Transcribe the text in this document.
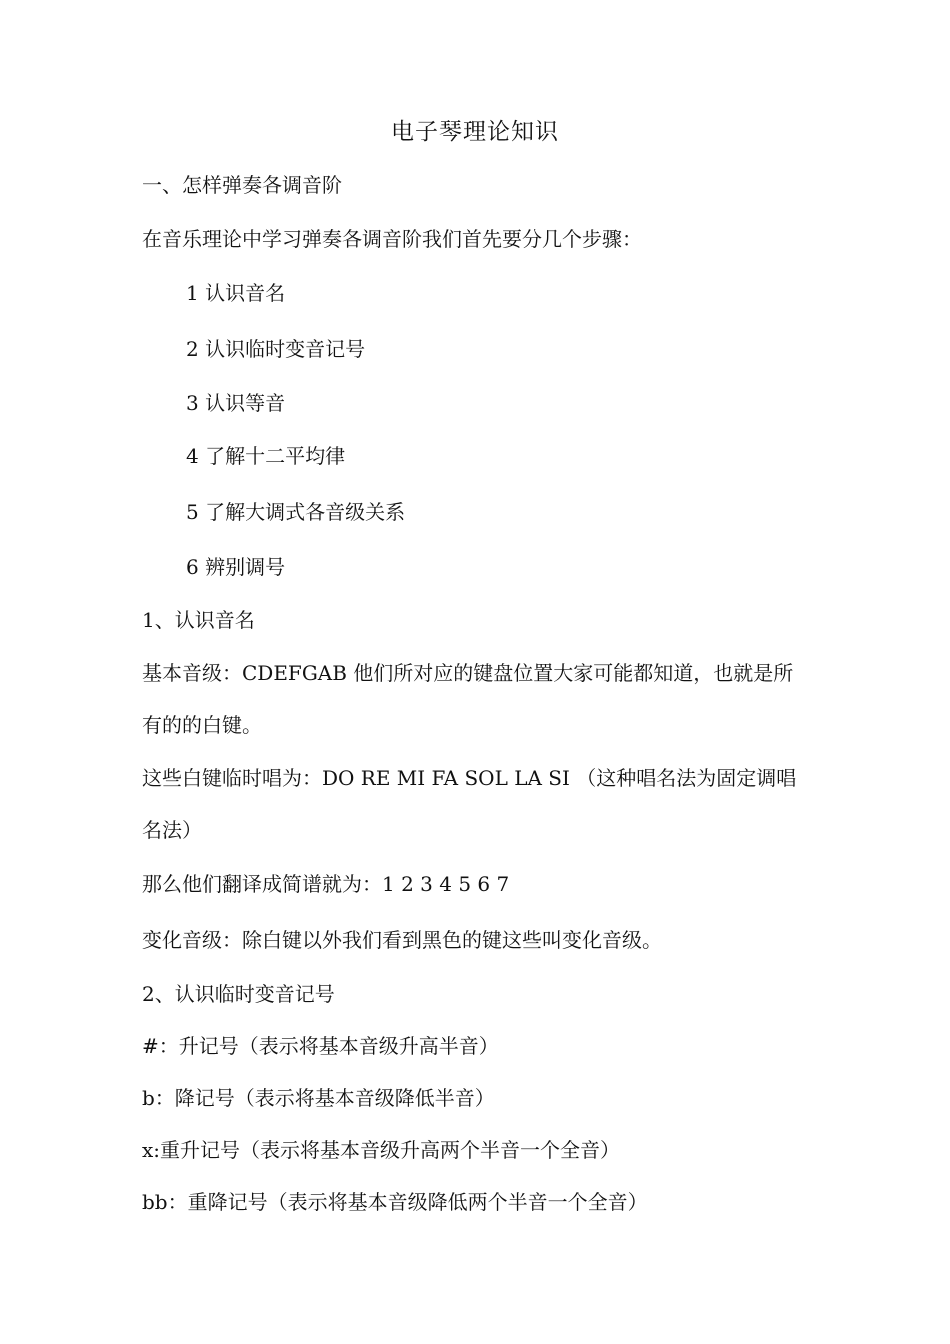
电子琴理论知识
一、怎样弹奏各调音阶
在音乐理论中学习弹奏各调音阶我们首先要分几个步骤：
1 认识音名
2 认识临时变音记号
3 认识等音
4 了解十二平均律
5 了解大调式各音级关系
6 辨别调号
1、认识音名
基本音级：CDEFGAB 他们所对应的键盘位置大家可能都知道，也就是所
有的的白键。
这些白键临时唱为：DO RE MI FA SOL LA SI （这种唱名法为固定调唱
名法）
那么他们翻译成简谱就为：1 2 3 4 5 6 7
变化音级：除白键以外我们看到黑色的键这些叫变化音级。
2、认识临时变音记号
#：升记号（表示将基本音级升高半音）
b：降记号（表示将基本音级降低半音）
x:重升记号（表示将基本音级升高两个半音一个全音）
bb：重降记号（表示将基本音级降低两个半音一个全音）
